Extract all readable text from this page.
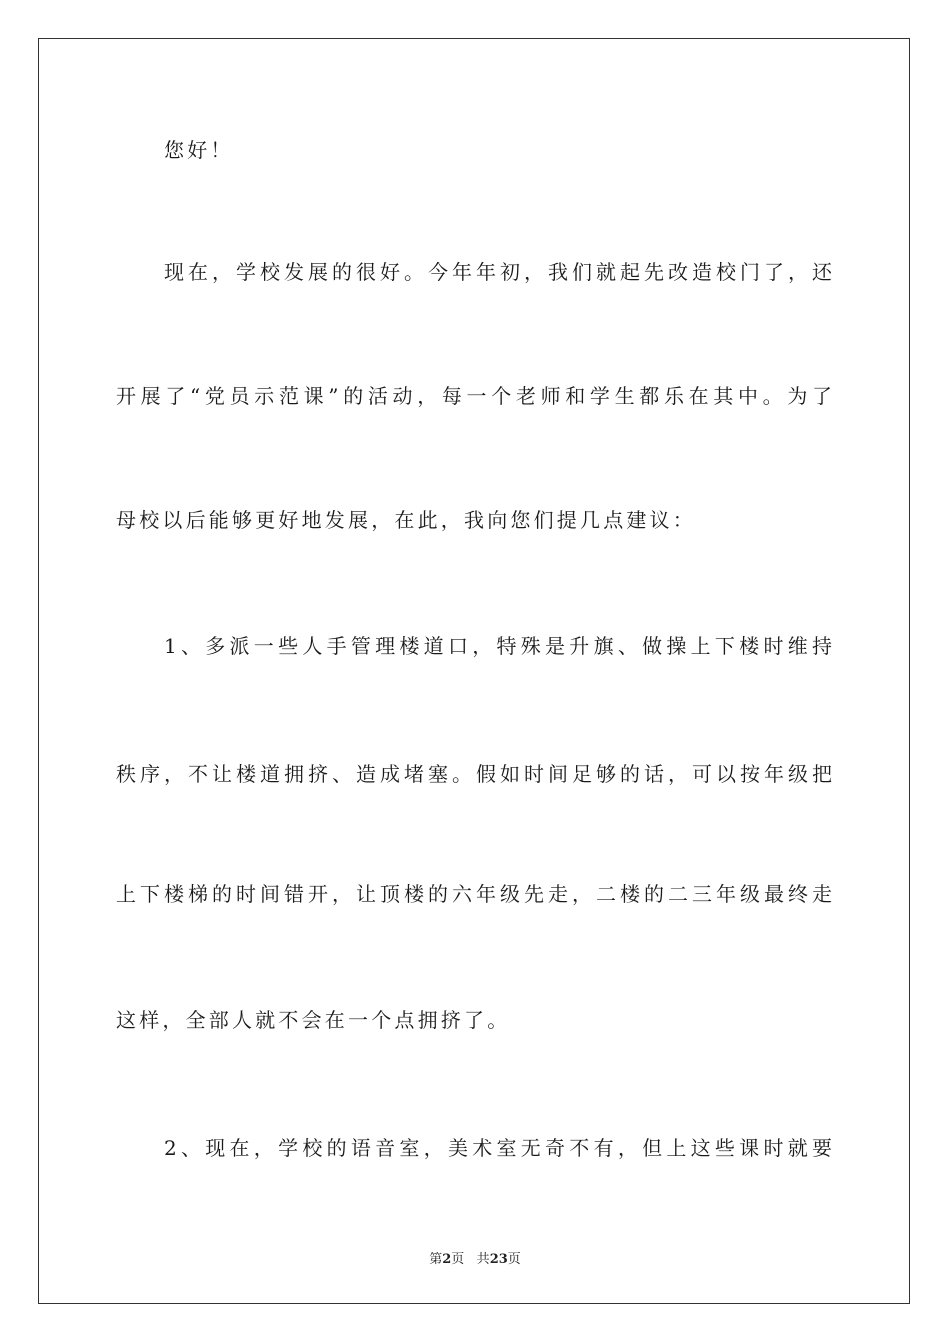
您好！
现在，学校发展的很好。今年年初，我们就起先改造校门了，还
开展了“党员示范课”的活动，每一个老师和学生都乐在其中。为了
母校以后能够更好地发展，在此，我向您们提几点建议：
1、多派一些人手管理楼道口，特殊是升旗、做操上下楼时维持
秩序，不让楼道拥挤、造成堵塞。假如时间足够的话，可以按年级把
上下楼梯的时间错开，让顶楼的六年级先走，二楼的二三年级最终走
这样，全部人就不会在一个点拥挤了。
2、现在，学校的语音室，美术室无奇不有，但上这些课时就要
第2页 共23页
